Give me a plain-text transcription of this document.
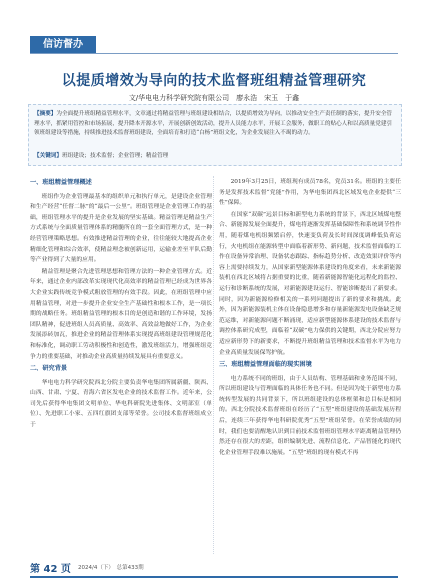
信访督办
以提质增效为导向的技术监督班组精益管理研究
文/华电电力科学研究院有限公司　廖永浩　宋玉　于鑫

【摘要】为全面提升班组精益管理水平，文章通过将精益管理与班组建设相结合，以提质增效为导向，以推动安全生产责任制的落实，提升安全管理水平，抓紧用管控和市场拓展，提升降本开源水平，开展创新创效活动，提升人员能力水平，开展工会服务，做职工的贴心人和以高质量党建引领班组建设等措施，持续推进技术监督班组建设，全面培育和打造“白杨”班组文化，为企业发展注入不竭的动力。

【关键词】班组建设；技术监督；企业管理；精益管理

一、班组精益管理概述

班组作为企业管理最基本的组织单元和执行单元，是建设企业管理和生产经营“任督二脉”的“最后一公里”。班组管理是企业管理工作的基础，班组管理水平的提升是企业发展的坚实基础。精益管理是精益生产方式系统与全面质量管理体系的精髓所在的一套全面管理方式，是一种经营管理策略思想。有效推进精益管理的企业，往往能较大地提高企业精细化管理和综合效率，使精益理念被创新运用，运输业差至平队后勤等产业得到了大量的应用。

精益管理是聚合先进管理思想和管理方法的一种企业管理方式。近年来，通过企业内部改革实现现代化高效率的精益管理已经成为世界各大企业实践传统竞争模式粗放管理的有效手段。因此，在班组管理中应用精益管理，对进一步提升企业安全生产基础性和根本工作，是一项长期的战略任务。班组精益管理的根本目的是创造和谐的工作环境，发扬团队精神，促进班组人员高质量、高效率、高效益地做好工作，为企业发展添砖加瓦，推进企业的精益管理体系实现提高班组建设管理规范化和标准化，调动职工劳动积极性和创造性，激发班组活力，增强班组竞争力的重要基础，对推动企业高质量持续发展具有重要意义。

二、研究背景

华电电力科学研究院西北分院主要负责华电集团所属新疆、陕西、山西、甘肃、宁夏、青海六省区发电企业的技术监督工作。近年来，公司先后获得华电集团文明单位、华电科研院先进集体、文明部室（单位）、先进职工小家、五四红旗团支部等荣誉。公司技术监督班组成立于

2019年3月25日，班组现有成员78名，党员31名。班组的主要任务是发挥技术监督“党能”作用，为华电集团西北区域发电企业提供“三性”保障。

在国家“双碳”远景目标和新型电力系统的背景下，西北区域煤电整合、新能源发展全面提升，煤电将逐渐发挥基础保障性和系统调节性作用，随着煤电机组频繁启停，快速变负荷及长时间深度调峰低负荷运行，火电机组在能源转型中面临着新形势、新问题，技术监督面临的工作在设备异常治理、设备状态跟踪、指标趋势分析、改造效果评价等内容上需要持续发力，从国家新型能源体系建设的角度来看，未来新能源装机在西北区域将占据重要的比重，随着新能源智能化远程化的监控、运行和诊断系统的发展，对新能源建设运行、智能诊断提出了新要求。同时，因为新能源检修相关的一系列问题提出了新的要求和挑战。此外，因为新能源装机主体在设备隐患增多和存量新能源发电设备缺乏规范运维，对新能源问题不断涌现，适应新型能源体系建设的技术监督与调控体系研究成型，面临着“双碳”电力保供的关键期，西北分院应努力适应新形势下的新要求，不断提升班组精益管理和技术监督水平为电力企业高质量发展保驾护航。

三、班组精益管理面临的现实困境

电力系统不同的班组，由于人员结构、管理基础和业务范围不同，所以班组建设与管理面临的具体任务也不同。但是因为处于新型电力系统转型发展的共同背景下，所以班组建设的总体框架和总目标是相同的。西北分院技术监督班组在经历了“五型”班组建设的基础发展历程后，连续三年获得华电科研院优秀“五型”班组荣誉。在荣誉成绩的同时，我们也要清醒地认识到目前技术监督班组管理水平距离精益管理仍然还存在很大的差距，组织编制先进、流程信息化、产品智能化的现代化企业管理手段难以施展。“五型”班组的现有模式不再

第 42 页 2024/4（下）　总第433期
